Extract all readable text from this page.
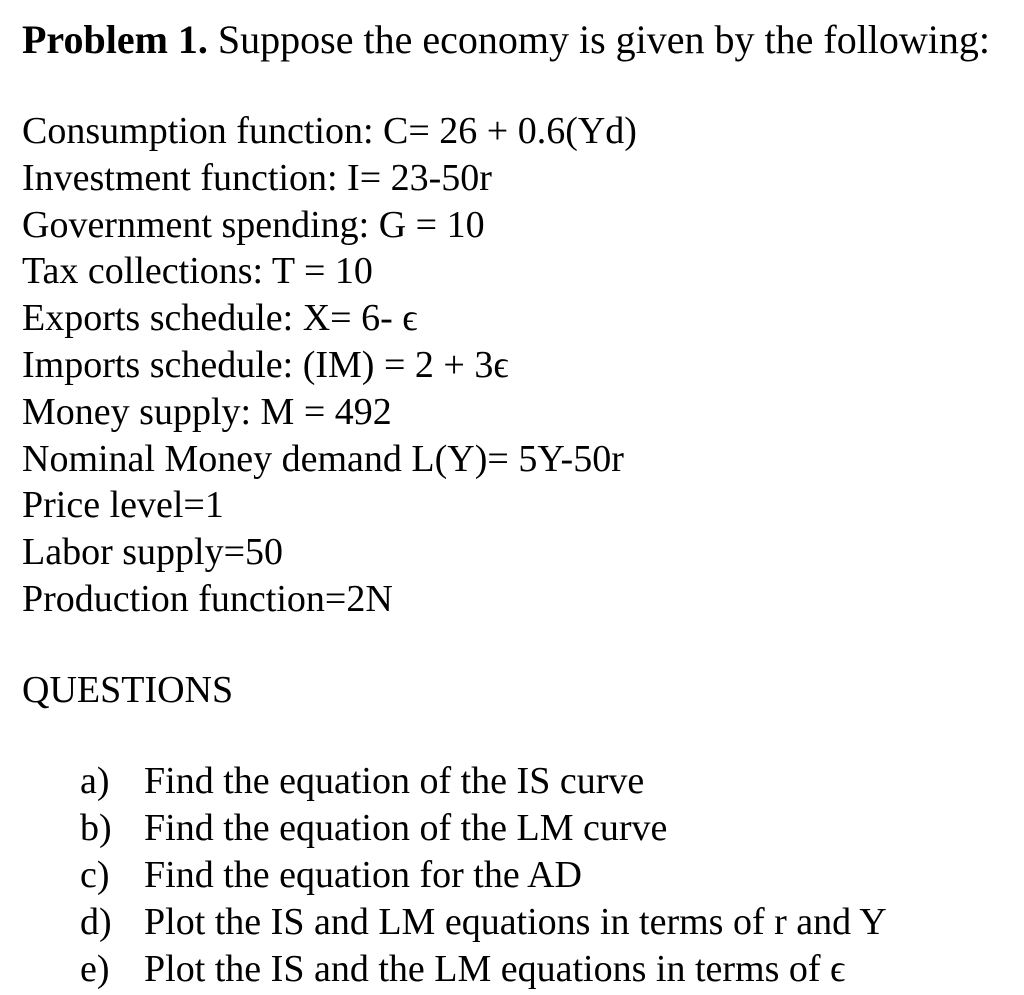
Problem 1. Suppose the economy is given by the following:
Consumption function: C= 26 + 0.6(Yd)
Investment function: I= 23-50r
Government spending: G = 10
Tax collections: T = 10
Exports schedule: X= 6- ϵ
Imports schedule: (IM) = 2 + 3ϵ
Money supply: M = 492
Nominal Money demand L(Y)= 5Y-50r
Price level=1
Labor supply=50
Production function=2N
QUESTIONS
a) Find the equation of the IS curve
b) Find the equation of the LM curve
c) Find the equation for the AD
d) Plot the IS and LM equations in terms of r and Y
e) Plot the IS and the LM equations in terms of ϵ
